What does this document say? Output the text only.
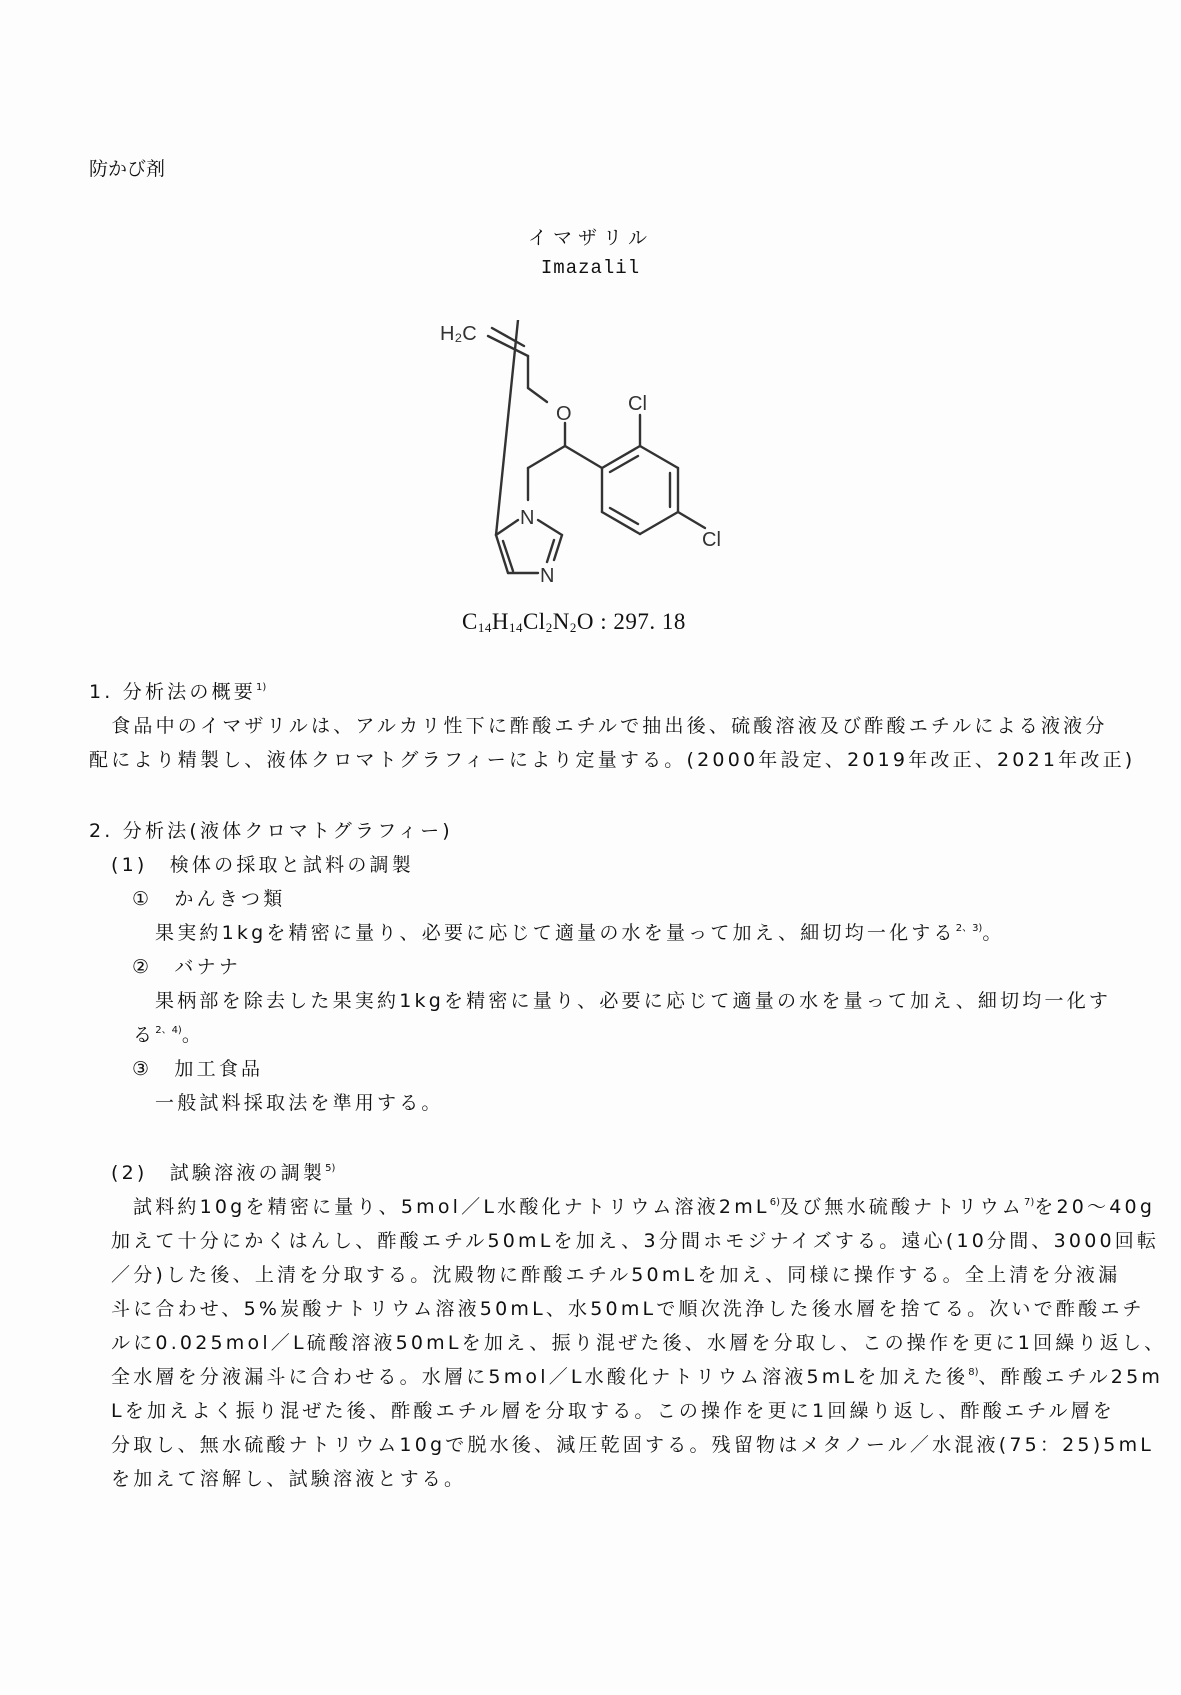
防かび剤
イマザリル
Imazalil
H₂C
O	Cl
Cl
N
N
$C_{14}H_{14}Cl_2N_2O$ : 297. 18
1. 分析法の概要$^{1)}$
　食品中のイマザリルは、アルカリ性下に酢酸エチルで抽出後、硫酸溶液及び酢酸エチルによる液液分
配により精製し、液体クロマトグラフィーにより定量する。(2000年設定、2019年改正、2021年改正)
2. 分析法(液体クロマトグラフィー)
(1)　検体の採取と試料の調製
①　かんきつ類
果実約1kgを精密に量り、必要に応じて適量の水を量って加え、細切均一化する$^{2、3)}$。
②　バナナ
果柄部を除去した果実約1kgを精密に量り、必要に応じて適量の水を量って加え、細切均一化す
る$^{2、4)}$。
③　加工食品
一般試料採取法を準用する。
(2)　試験溶液の調製$^{5)}$
試料約10gを精密に量り、5mol／L水酸化ナトリウム溶液$2mL^{6)}$及び無水硫酸ナトリウム$^{7)}$を20～40g
加えて十分にかくはんし、酢酸エチル50mLを加え、3分間ホモジナイズする。遠心(10分間、3000回転
／分)した後、上清を分取する。沈殿物に酢酸エチル50mLを加え、同様に操作する。全上清を分液漏
斗に合わせ、5%炭酸ナトリウム溶液50mL、水50mLで順次洗浄した後水層を捨てる。次いで酢酸エチ
ルに0.025mol／L硫酸溶液50mLを加え、振り混ぜた後、水層を分取し、この操作を更に1回繰り返し、
全水層を分液漏斗に合わせる。水層に5mol／L水酸化ナトリウム溶液5mLを加えた後$^{8)}$、酢酸エチル25m
Lを加えよく振り混ぜた後、酢酸エチル層を分取する。この操作を更に1回繰り返し、酢酸エチル層を
分取し、無水硫酸ナトリウム10gで脱水後、減圧乾固する。残留物はメタノール／水混液(75：25)5mL
を加えて溶解し、試験溶液とする。
